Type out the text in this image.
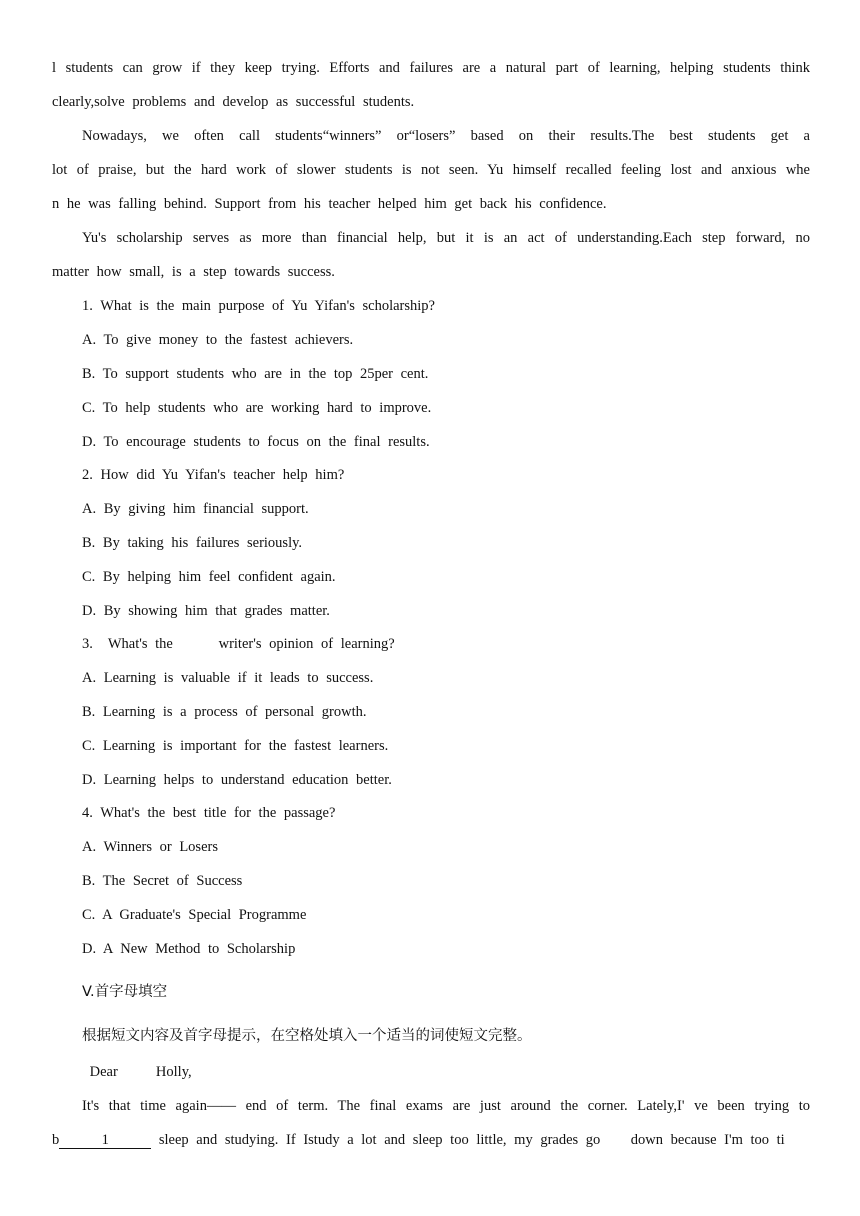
l students can grow if they keep trying. Efforts and failures are a natural part of learning, helping students think
clearly,solve problems and develop as successful students.
Nowadays, we often call students“winners” or“losers” based on their results.The best students get a
lot of praise, but the hard work of slower students is not seen. Yu himself recalled feeling lost and anxious whe
n he was falling behind. Support from his teacher helped him get back his confidence.
Yu's scholarship serves as more than financial help, but it is an act of understanding.Each step forward, no
matter how small, is a step towards success.
1. What is the main purpose of Yu Yifan's scholarship?
A. To give money to the fastest achievers.
B. To support students who are in the top 25per cent.
C. To help students who are working hard to improve.
D. To encourage students to focus on the final results.
2. How did Yu Yifan's teacher help him?
A. By giving him financial support.
B. By taking his failures seriously.
C. By helping him feel confident again.
D. By showing him that grades matter.
3.  What's the      writer's opinion of learning?
A. Learning is valuable if it leads to success.
B. Learning is a process of personal growth.
C. Learning is important for the fastest learners.
D. Learning helps to understand education better.
4. What's the best title for the passage?
A. Winners or Losers
B. The Secret of Success
C. A Graduate's Special Programme
D. A New Method to Scholarship
V.首字母填空
根据短文内容及首字母提示，在空格处填入一个适当的词使短文完整。
Dear     Holly,
It's that time again—— end of term. The final exams are just around the corner. Lately,I' ve been trying to
b	1	sleep and studying. If Istudy a lot and sleep too little, my grades go    down because I'm too ti
